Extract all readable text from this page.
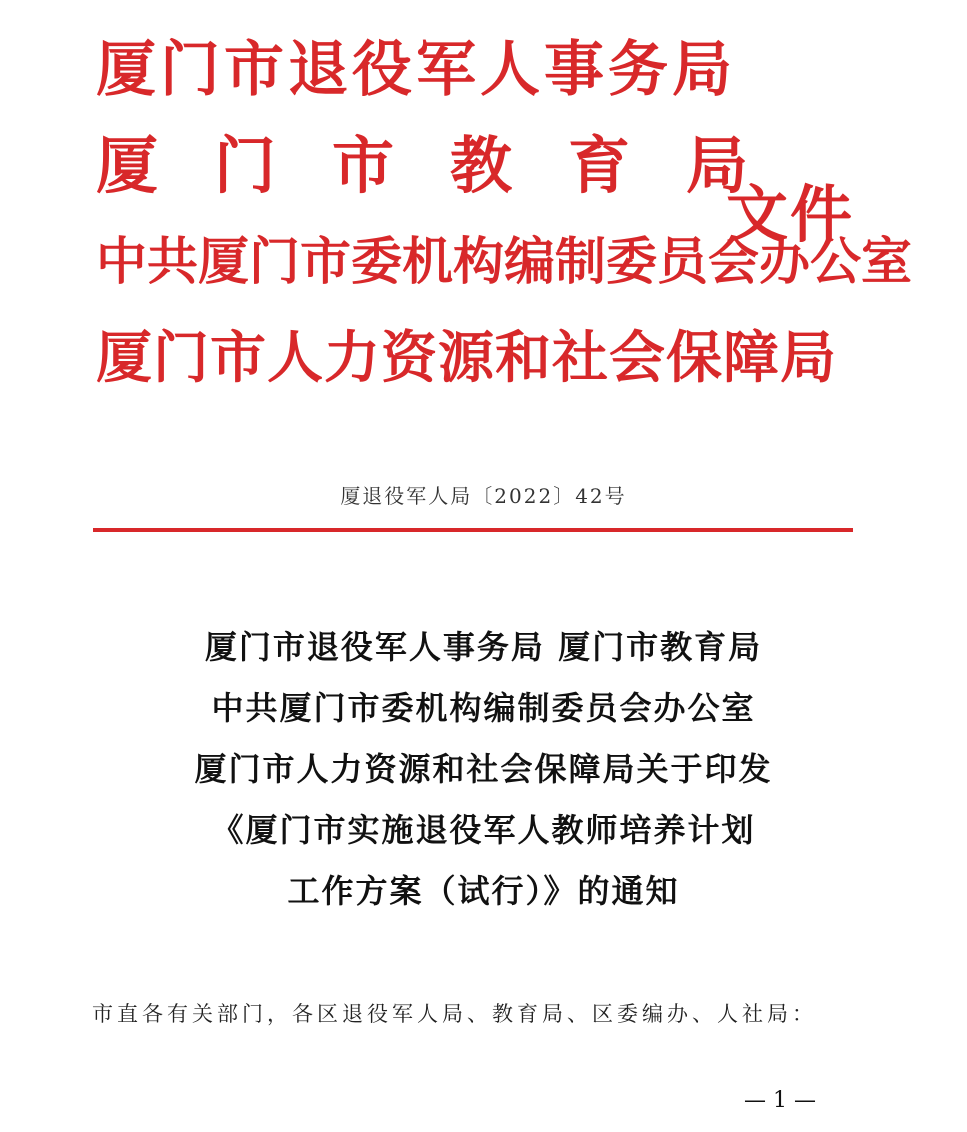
厦门市退役军人事务局
厦门市教育局
中共厦门市委机构编制委员会办公室
厦门市人力资源和社会保障局
文件
厦退役军人局〔2022〕42号
厦门市退役军人事务局 厦门市教育局
中共厦门市委机构编制委员会办公室
厦门市人力资源和社会保障局关于印发
《厦门市实施退役军人教师培养计划
工作方案（试行）》的通知
市直各有关部门，各区退役军人局、教育局、区委编办、人社局：
— 1 —
